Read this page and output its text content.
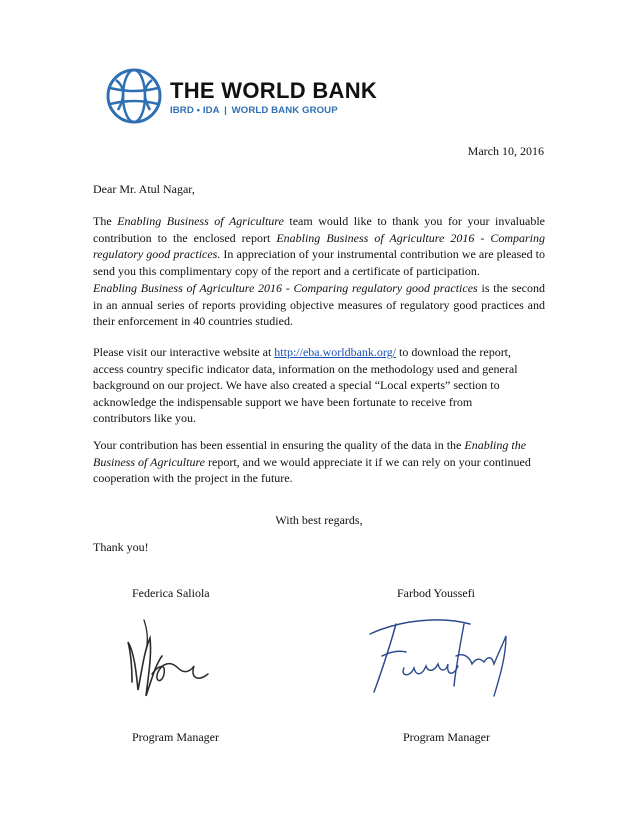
THE WORLD BANK
IBRD • IDA | WORLD BANK GROUP
March 10, 2016
Dear Mr. Atul Nagar,
The Enabling Business of Agriculture team would like to thank you for your invaluable contribution to the enclosed report Enabling Business of Agriculture 2016 - Comparing regulatory good practices. In appreciation of your instrumental contribution we are pleased to send you this complimentary copy of the report and a certificate of participation.
Enabling Business of Agriculture 2016 - Comparing regulatory good practices is the second in an annual series of reports providing objective measures of regulatory good practices and their enforcement in 40 countries studied.
Please visit our interactive website at http://eba.worldbank.org/ to download the report, access country specific indicator data, information on the methodology used and general background on our project. We have also created a special “Local experts” section to acknowledge the indispensable support we have been fortunate to receive from contributors like you.
Your contribution has been essential in ensuring the quality of the data in the Enabling the Business of Agriculture report, and we would appreciate it if we can rely on your continued cooperation with the project in the future.
With best regards,
Thank you!
Federica Saliola	Farbod Youssefi
Program Manager	Program Manager
